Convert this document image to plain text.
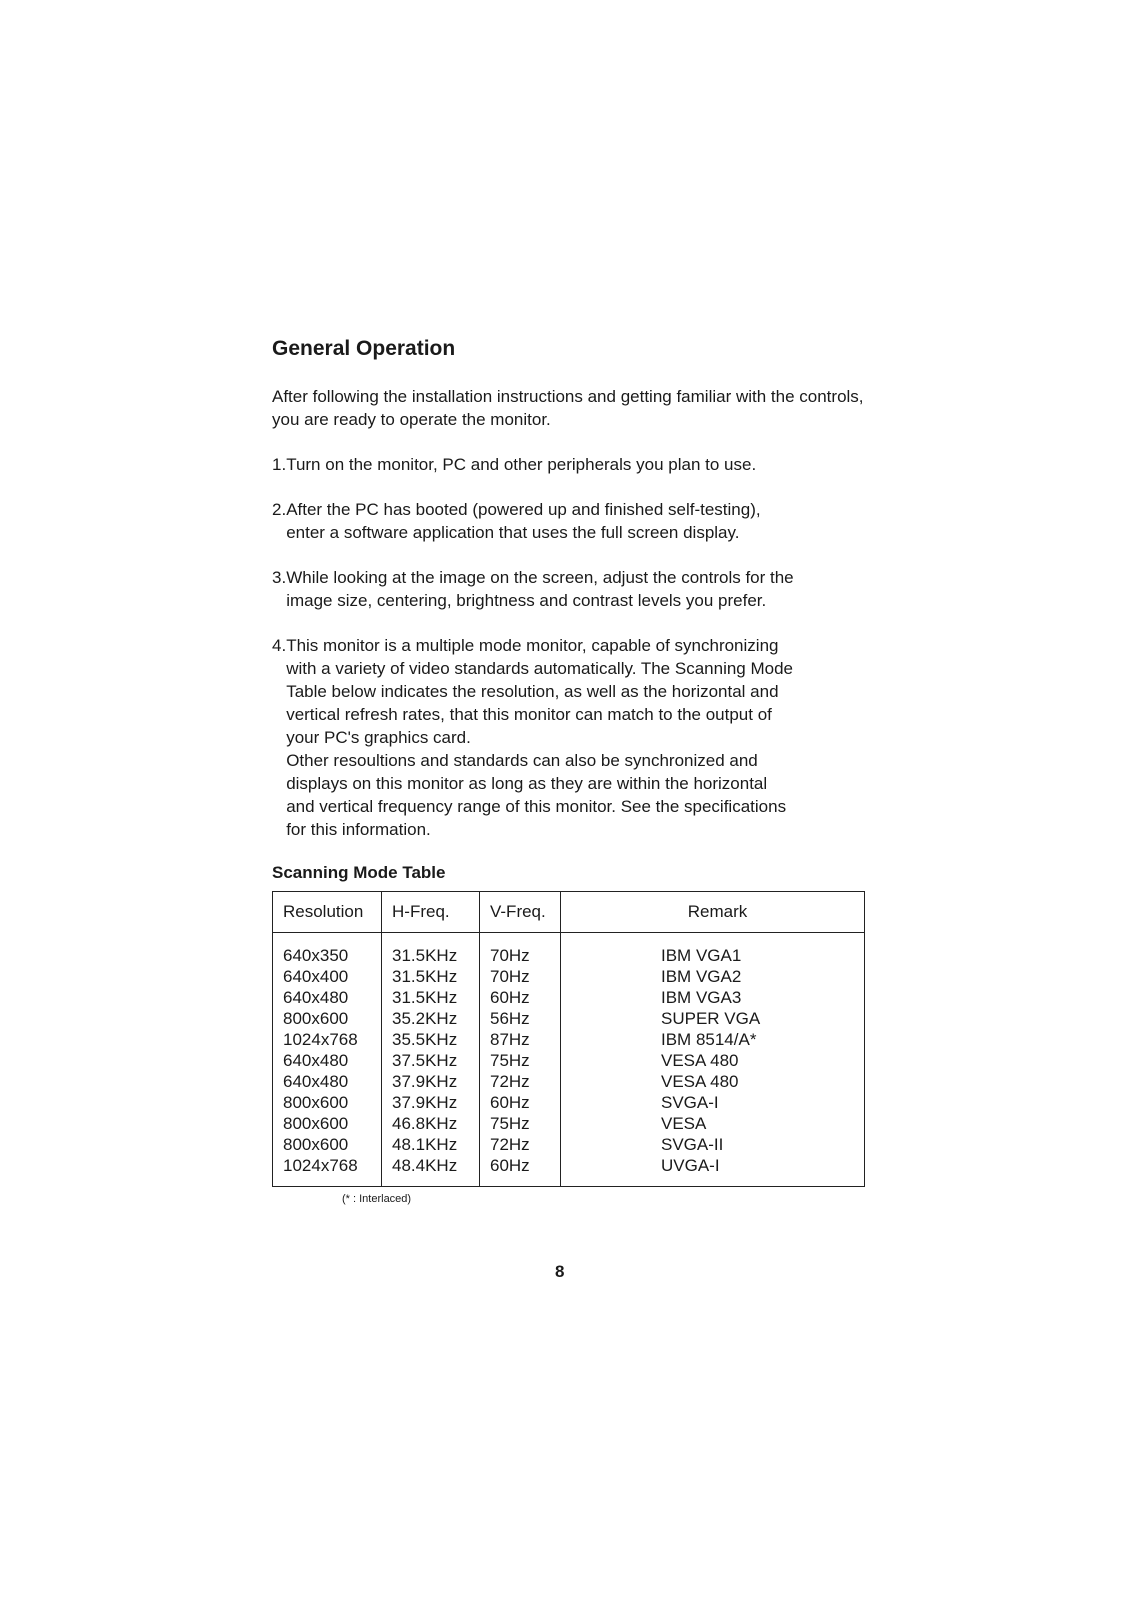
General Operation

After following the installation instructions and getting familiar with the controls, you are ready to operate the monitor.

1. Turn on the monitor, PC and other peripherals you plan to use.
2. After the PC has booted (powered up and finished self-testing),
enter a software application that uses the full screen display.
3. While looking at the image on the screen, adjust the controls for the
image size, centering, brightness and contrast levels you prefer.
4. This monitor is a multiple mode monitor, capable of synchronizing
with a variety of video standards automatically. The Scanning Mode
Table below indicates the resolution, as well as the horizontal and
vertical refresh rates, that this monitor can match to the output of
your PC's graphics card.
Other resoultions and standards can also be synchronized and
displays on this monitor as long as they are within the horizontal
and vertical frequency range of this monitor. See the specifications
for this information.
Scanning Mode Table
Resolution	H-Freq.	V-Freq.	Remark
640x350	31.5KHz	70Hz	IBM VGA1
640x400	31.5KHz	70Hz	IBM VGA2
640x480	31.5KHz	60Hz	IBM VGA3
800x600	35.2KHz	56Hz	SUPER VGA
1024x768	35.5KHz	87Hz	IBM 8514/A*
640x480	37.5KHz	75Hz	VESA 480
640x480	37.9KHz	72Hz	VESA 480
800x600	37.9KHz	60Hz	SVGA-I
800x600	46.8KHz	75Hz	VESA
800x600	48.1KHz	72Hz	SVGA-II
1024x768	48.4KHz	60Hz	UVGA-I
(* : Interlaced)
8
